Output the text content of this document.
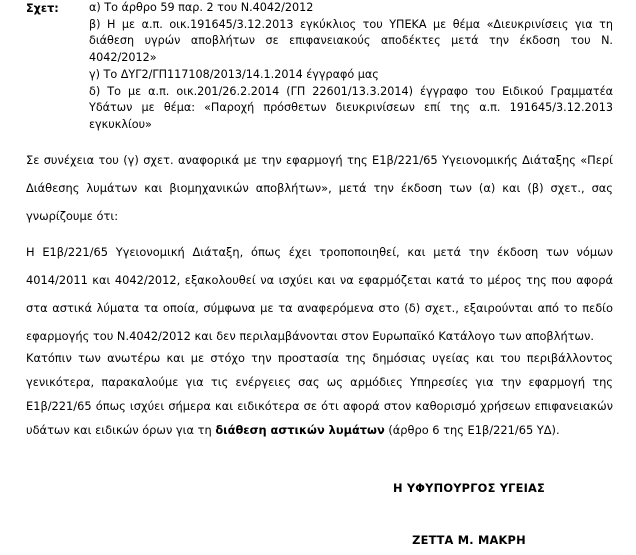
Σχετ:	α) Το άρθρο 59 παρ. 2 του Ν.4042/2012

β) Η με α.π. οικ.191645/3.12.2013 εγκύκλιος του ΥΠΕΚΑ με θέμα «Διευκρινίσεις για τη διάθεση υγρών αποβλήτων σε επιφανειακούς αποδέκτες μετά την έκδοση του Ν. 4042/2012»

γ) Το ΔΥΓ2/ΓΠ117108/2013/14.1.2014 έγγραφό μας

δ) Το με α.π. οικ.201/26.2.2014 (ΓΠ 22601/13.3.2014) έγγραφο του Ειδικού Γραμματέα Υδάτων με θέμα: «Παροχή πρόσθετων διευκρινίσεων επί της α.π. 191645/3.12.2013 εγκυκλίου»

Σε συνέχεια του (γ) σχετ. αναφορικά με την εφαρμογή της Ε1β/221/65 Υγειονομικής Διάταξης «Περί Διάθεσης λυμάτων και βιομηχανικών αποβλήτων», μετά την έκδοση των (α) και (β) σχετ., σας γνωρίζουμε ότι:

Η Ε1β/221/65 Υγειονομική Διάταξη, όπως έχει τροποποιηθεί, και μετά την έκδοση των νόμων 4014/2011 και 4042/2012, εξακολουθεί να ισχύει και να εφαρμόζεται κατά το μέρος της που αφορά στα αστικά λύματα τα οποία, σύμφωνα με τα αναφερόμενα στο (δ) σχετ., εξαιρούνται από το πεδίο εφαρμογής του Ν.4042/2012 και δεν περιλαμβάνονται στον Ευρωπαϊκό Κατάλογο των αποβλήτων.

Κατόπιν των ανωτέρω και με στόχο την προστασία της δημόσιας υγείας και του περιβάλλοντος γενικότερα, παρακαλούμε για τις ενέργειες σας ως αρμόδιες Υπηρεσίες για την εφαρμογή της Ε1β/221/65 όπως ισχύει σήμερα και ειδικότερα σε ότι αφορά στον καθορισμό χρήσεων επιφανειακών υδάτων και ειδικών όρων για τη διάθεση αστικών λυμάτων (άρθρο 6 της Ε1β/221/65 ΥΔ).

Η ΥΦΥΠΟΥΡΓΟΣ ΥΓΕΙΑΣ
ΖΕΤΤΑ Μ. ΜΑΚΡΗ
